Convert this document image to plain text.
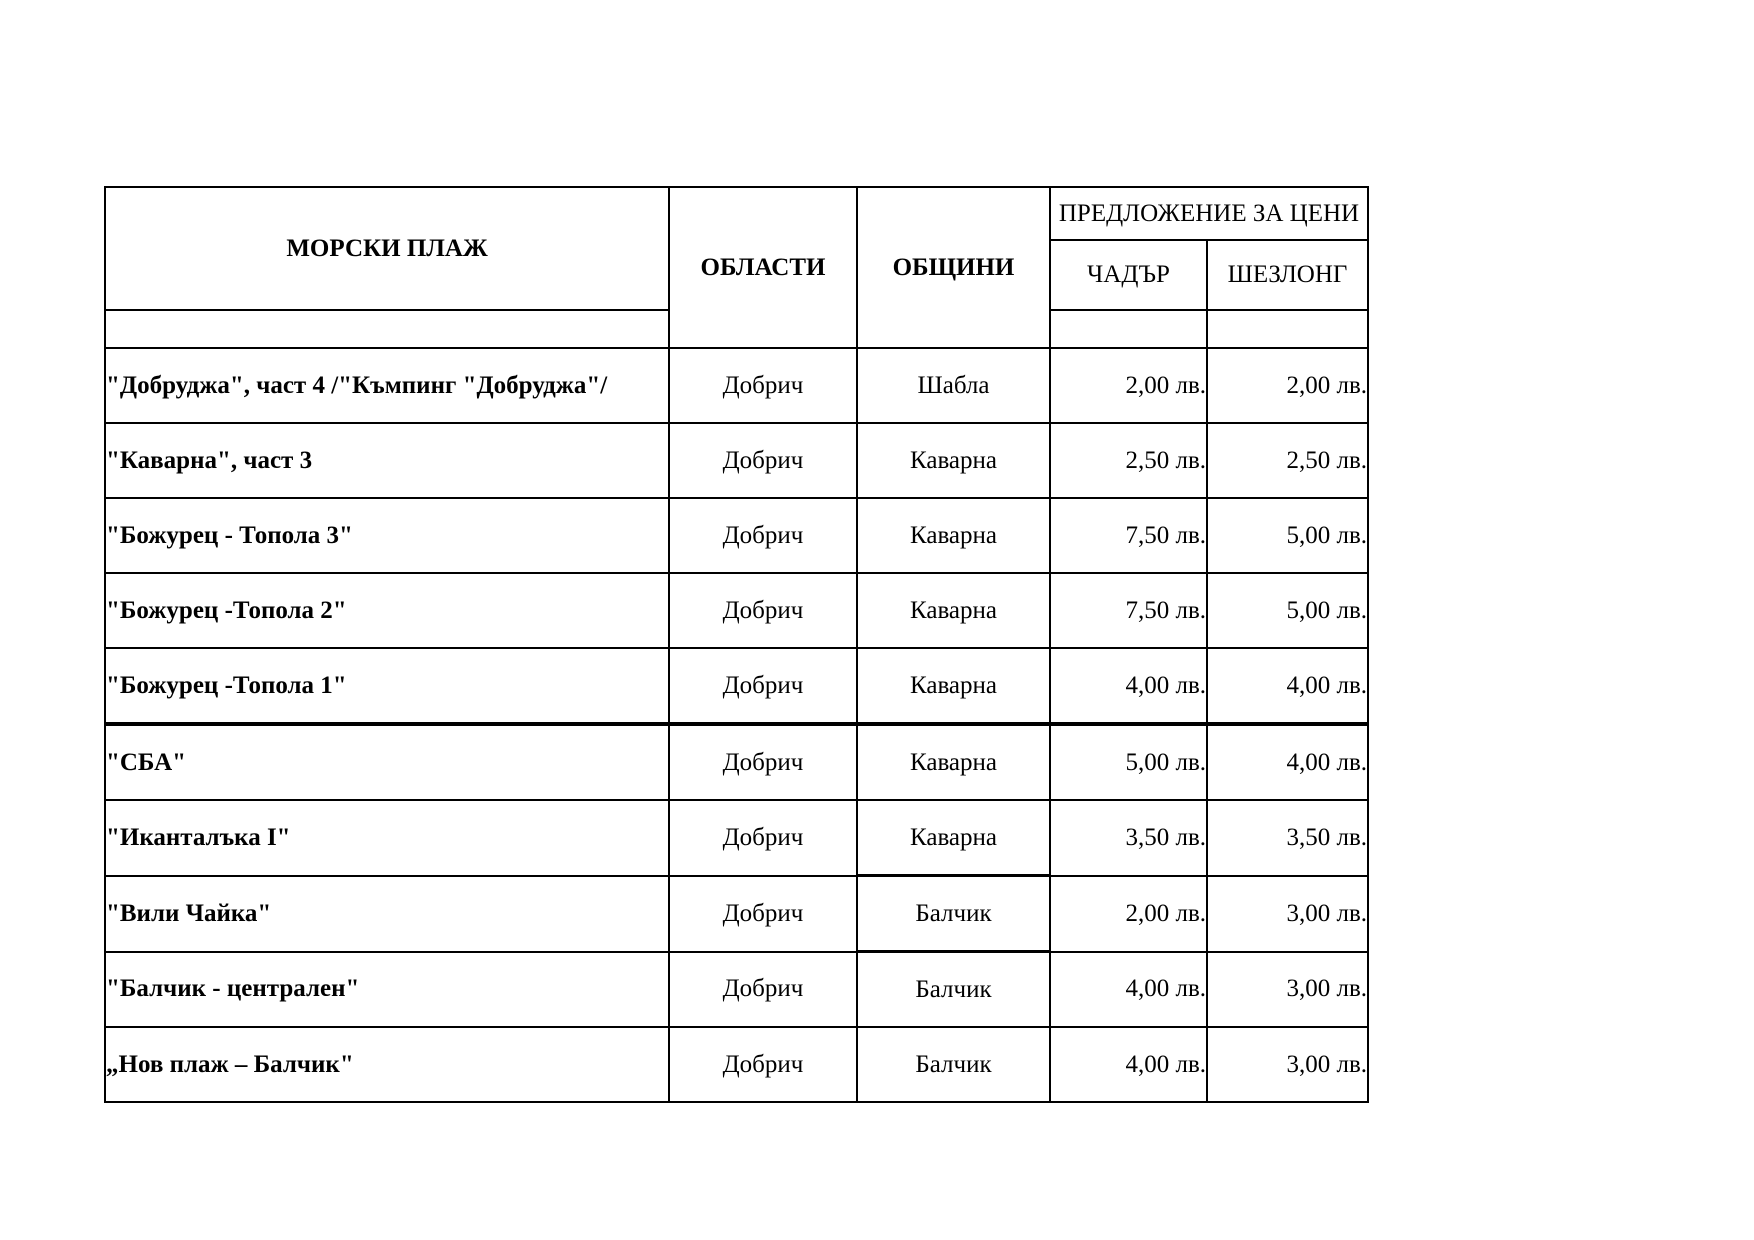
МОРСКИ ПЛАЖ	ОБЛАСТИ	ОБЩИНИ	ПРЕДЛОЖЕНИЕ ЗА ЦЕНИ	
			ЧАДЪР	ШЕЗЛОНГ

"Добруджа", част 4 /"Къмпинг "Добруджа"/	Добрич	Шабла	2,00 лв.	2,00 лв.
"Каварна", част 3	Добрич	Каварна	2,50 лв.	2,50 лв.
"Божурец - Топола 3"	Добрич	Каварна	7,50 лв.	5,00 лв.
"Божурец -Топола 2"	Добрич	Каварна	7,50 лв.	5,00 лв.
"Божурец -Топола 1"	Добрич	Каварна	4,00 лв.	4,00 лв.
"СБА"	Добрич	Каварна	5,00 лв.	4,00 лв.
"Иканталъка I"	Добрич	Каварна	3,50 лв.	3,50 лв.
"Вили Чайка"	Добрич	Балчик	2,00 лв.	3,00 лв.
"Балчик - централен"	Добрич	Балчик	4,00 лв.	3,00 лв.
„Нов плаж – Балчик"	Добрич	Балчик	4,00 лв.	3,00 лв.
